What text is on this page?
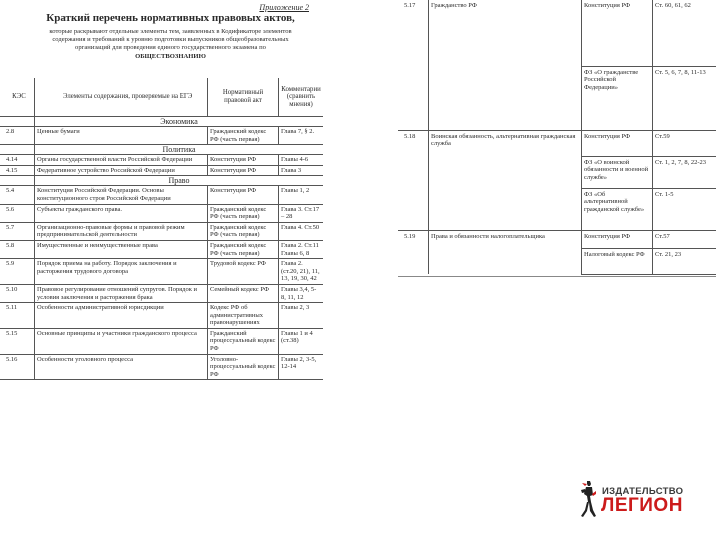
Приложение 2
Краткий перечень нормативных правовых актов,
которые раскрывают отдельные элементы тем, заявленных в Кодификаторе элементов
содержания и требований к уровню подготовки выпускников общеобразовательных
организаций для проведения единого государственного экзамена по
ОБЩЕСТВОЗНАНИЮ
КЭС	Элементы содержания, проверяемые на ЕГЭ	Нормативный правовой акт	Комментарии (сравнить мнения)
	Экономика		
2.8	Ценные бумаги	Гражданский кодекс РФ (часть первая)	Глава 7, § 2.
	Политика		
4.14	Органы государственной власти Российской Федерации	Конституция РФ	Главы 4-6
4.15	Федеративное устройство Российской Федерации	Конституция РФ	Глава 3
	Право		
5.4	Конституция Российской Федерации. Основы конституционного строя Российской Федерации	Конституция РФ	Главы 1, 2
5.6	Субъекты гражданского права.	Гражданский кодекс РФ (часть первая)	Глава 3. Ст.17 – 28
5.7	Организационно-правовые формы и правовой режим предпринимательской деятельности	Гражданский кодекс РФ (часть первая)	Глава 4. Ст.50
5.8	Имущественные и неимущественные права	Гражданский кодекс РФ (часть первая)	Глава 2. Ст.11 Главы 6, 8
5.9	Порядок приема на работу. Порядок заключения и расторжения трудового договора	Трудовой кодекс РФ	Глава 2. (ст.20, 21), 11, 13, 19, 30, 42
5.10	Правовое регулирование отношений супругов. Порядок и условия заключения и расторжения брака	Семейный кодекс РФ	Главы 3,4, 5-8, 11, 12
5.11	Особенности административной юрисдикции	Кодекс РФ об административных правонарушениях	Главы 2, 3
5.15	Основные принципы и участники гражданского процесса	Гражданский процессуальный кодекс РФ	Главы 1 и 4 (ст.38)
5.16	Особенности уголовного процесса	Уголовно-процессуальный кодекс РФ	Главы 2, 3-5, 12-14
5.17	Гражданство РФ	Конституция РФ	Ст. 60, 61, 62
		ФЗ «О гражданстве Российской Федерации»	Ст. 5, 6, 7, 8, 11-13
5.18	Воинская обязанность, альтернативная гражданская служба	Конституция РФ	Ст.59
		ФЗ «О воинской обязанности и военной службе»	Ст. 1, 2, 7, 8, 22-23
		ФЗ «Об альтернативной гражданской службе»	Ст. 1-5
5.19	Права и обязанности налогоплательщика	Конституция РФ	Ст.57
		Налоговый кодекс РФ	Ст. 21, 23
ИЗДАТЕЛЬСТВО
ЛЕГИОН
